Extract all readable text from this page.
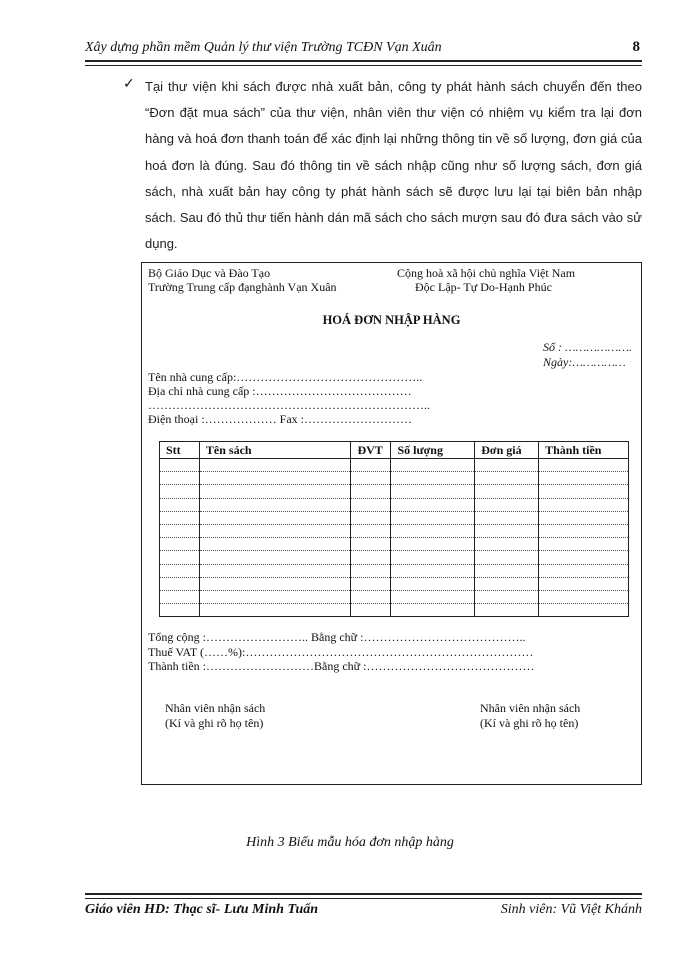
Xây dựng phần mềm Quản lý thư viện Trường TCĐN Vạn Xuân	8
✓ Tại thư viện khi sách được nhà xuất bản, công ty phát hành sách chuyển đến theo “Đơn đặt mua sách” của thư viện, nhân viên thư viện có nhiệm vụ kiểm tra lại đơn hàng và hoá đơn thanh toán để xác định lại những thông tin về số lượng, đơn giá của hoá đơn là đúng. Sau đó thông tin về sách nhập cũng như số lượng sách, đơn giá sách, nhà xuất bản hay công ty phát hành sách sẽ được lưu lại tại biên bản nhập sách. Sau đó thủ thư tiến hành dán mã sách cho sách mượn sau đó đưa sách vào sử dụng.
Bộ Giáo Dục và Đào Tạo
Trường Trung cấp đạnghành Vạn Xuân
Cộng hoà xã hội chủ nghĩa Việt Nam
Độc Lập- Tự Do-Hạnh Phúc
HOÁ ĐƠN NHẬP HÀNG
Số : ……………….
Ngày:……………
Tên nhà cung cấp:………………………………………..
Địa chỉ nhà cung cấp :…………………………………
……………………………………………………………..
Điện thoại :……………… Fax :………………………
Stt	Tên sách	ĐVT	Số lượng	Đơn giá	Thành tiền

Tổng cộng :…………………….. Bằng chữ :…………………………………..
Thuế VAT (……%):………………………………………………………………
Thành tiền :………………………Bằng chữ :……………………………………
Nhân viên nhận sách
(Kí và ghi rõ họ tên)
Nhân viên nhận sách
(Kí và ghi rõ họ tên)
Hình 3 Biểu mẫu hóa đơn nhập hàng
Giáo viên HD: Thạc sĩ- Lưu Minh Tuấn	Sinh viên: Vũ Việt Khánh
